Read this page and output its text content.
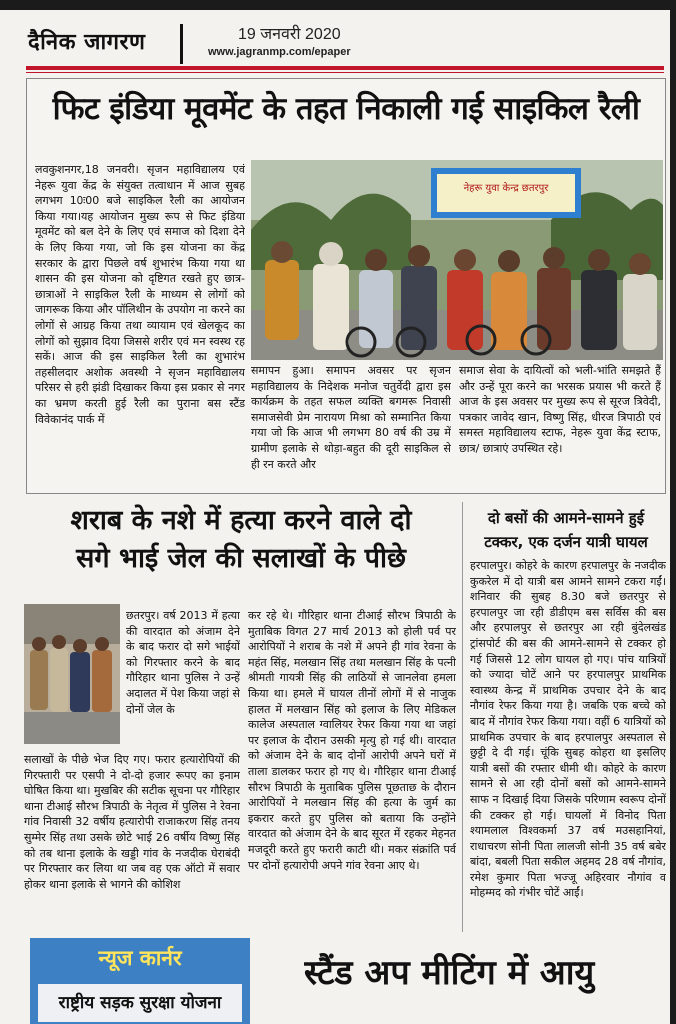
दैनिक जागरण	19 जनवरी 2020
www.jagranmp.com/epaper
फिट इंडिया मूवमेंट के तहत निकाली गई साइकिल रैली
लवकुशनगर,18 जनवरी। सृजन महाविद्यालय एवं नेहरू युवा केंद्र के संयुक्त तत्वाधान में आज सुबह लगभग 10ः00 बजे साइकिल रैली का आयोजन किया गया।यह आयोजन मुख्य रूप से फिट इंडिया मूवमेंट को बल देने के लिए एवं समाज को दिशा देने के लिए किया गया, जो कि इस योजना का केंद्र सरकार के द्वारा पिछले वर्ष शुभारंभ किया गया था शासन की इस योजना को दृष्टिगत रखते हुए छात्र-छात्राओं ने साइकिल रैली के माध्यम से लोगों को जागरूक किया और पॉलिथीन के उपयोग ना करने का लोगों से आग्रह किया तथा व्यायाम एवं खेलकूद का लोगों को सुझाव दिया जिससे शरीर एवं मन स्वस्थ रह सकें। आज की इस साइकिल रैली का शुभारंभ तहसीलदार अशोक अवस्थी ने सृजन महाविद्यालय परिसर से हरी झंडी दिखाकर किया इस प्रकार से नगर का भ्रमण करती हुई रैली का पुराना बस स्टैंड विवेकानंद पार्क में
नेहरू युवा केन्द्र छतरपुर
समापन हुआ। समापन अवसर पर सृजन महाविद्यालय के निदेशक मनोज चतुर्वेदी द्वारा इस कार्यक्रम के तहत सफल व्यक्ति बगमरू निवासी समाजसेवी प्रेम नारायण मिश्रा को सम्मानित किया गया जो कि आज भी लगभग 80 वर्ष की उम्र में ग्रामीण इलाके से थोड़ा-बहुत की दूरी साइकिल से ही रन करते और
समाज सेवा के दायित्वों को भली-भांति समझते हैं और उन्हें पूरा करने का भरसक प्रयास भी करते हैं आज के इस अवसर पर मुख्य रूप से सूरज त्रिवेदी, पत्रकार जावेद खान, विष्णु सिंह, धीरज त्रिपाठी एवं समस्त महाविद्यालय स्टाफ, नेहरू युवा केंद्र स्टाफ, छात्र/ छात्राएं उपस्थित रहे।
शराब के नशे में हत्या करने वाले दो
सगे भाई जेल की सलाखों के पीछे
छतरपुर। वर्ष 2013 में हत्या की वारदात को अंजाम देने के बाद फरार दो सगे भाईयों को गिरफ्तार करने के बाद गौरिहार थाना पुलिस ने उन्हें अदालत में पेश किया जहां से दोनों जेल के
सलाखों के पीछे भेज दिए गए। फरार हत्यारोपियों की गिरफ्तारी पर एसपी ने दो-दो हजार रूपए का इनाम घोषित किया था। मुखबिर की सटीक सूचना पर गौरिहार थाना टीआई सौरभ त्रिपाठी के नेतृत्व में पुलिस ने रेवना गांव निवासी 32 वर्षीय हत्यारोपी राजाकरण सिंह तनय सुम्मेर सिंह तथा उसके छोटे भाई 26 वर्षीय विष्णु सिंह को तब थाना इलाके के खड्डी गांव के नजदीक घेराबंदी पर गिरफ्तार कर लिया था जब वह एक ऑटो में सवार होकर थाना इलाके से भागने की कोशिश
कर रहे थे। गौरिहार थाना टीआई सौरभ त्रिपाठी के मुताबिक विगत 27 मार्च 2013 को होली पर्व पर आरोपियों ने शराब के नशे में अपने ही गांव रेवना के महंत सिंह, मलखान सिंह तथा मलखान सिंह के पत्नी श्रीमती गायत्री सिंह की लाठियों से जानलेवा हमला किया था। हमले में घायल तीनों लोगों में से नाजुक हालत में मलखान सिंह को इलाज के लिए मेडिकल कालेज अस्पताल ग्वालियर रेफर किया गया था जहां पर इलाज के दौरान उसकी मृत्यु हो गई थी। वारदात को अंजाम देने के बाद दोनों आरोपी अपने घरों में ताला डालकर फरार हो गए थे। गौरिहार थाना टीआई सौरभ त्रिपाठी के मुताबिक पुलिस पूछताछ के दौरान आरोपियों ने मलखान सिंह की हत्या के जुर्म का इकरार करते हुए पुलिस को बताया कि उन्होंने वारदात को अंजाम देने के बाद सूरत में रहकर मेहनत मजदूरी करते हुए फरारी काटी थी। मकर संक्रांति पर्व पर दोनों हत्यारोपी अपने गांव रेवना आए थे।
दो बसों की आमने-सामने हुई टक्कर, एक दर्जन यात्री घायल
हरपालपुर। कोहरे के कारण हरपालपुर के नजदीक कुकरेल में दो यात्री बस आमने सामने टकरा गईं। शनिवार की सुबह 8.30 बजे छतरपुर से हरपालपुर जा रही डीडीएम बस सर्विस की बस और हरपालपुर से छतरपुर आ रही बुंदेलखंड ट्रांसपोर्ट की बस की आमने-सामने से टक्कर हो गई जिससे 12 लोग घायल हो गए। पांच यात्रियों को ज्यादा चोटें आने पर हरपालपुर प्राथमिक स्वास्थ्य केन्द्र में प्राथमिक उपचार देने के बाद नौगांव रेफर किया गया है। जबकि एक बच्चे को बाद में नौगांव रेफर किया गया। वहीं 6 यात्रियों को प्राथमिक उपचार के बाद हरपालपुर अस्पताल से छुट्टी दे दी गई। चूंकि सुबह कोहरा था इसलिए यात्री बसों की रफ्तार धीमी थी। कोहरे के कारण सामने से आ रही दोनों बसों को आमने-सामने साफ न दिखाई दिया जिसके परिणाम स्वरूप दोनों की टक्कर हो गई। घायलों में विनोद पिता श्यामलाल विश्वकर्मा 37 वर्ष मउसहानियां, राधाचरण सोनी पिता लालजी सोनी 35 वर्ष बबेर बांदा, बबली पिता सकील अहमद 28 वर्ष नौगांव, रमेश कुमार पिता भज्जू अहिरवार नौगांव व मोहम्मद को गंभीर चोटें आईं।
न्यूज कार्नर
राष्ट्रीय सड़क सुरक्षा योजना
स्टैंड अप मीटिंग में आयु
